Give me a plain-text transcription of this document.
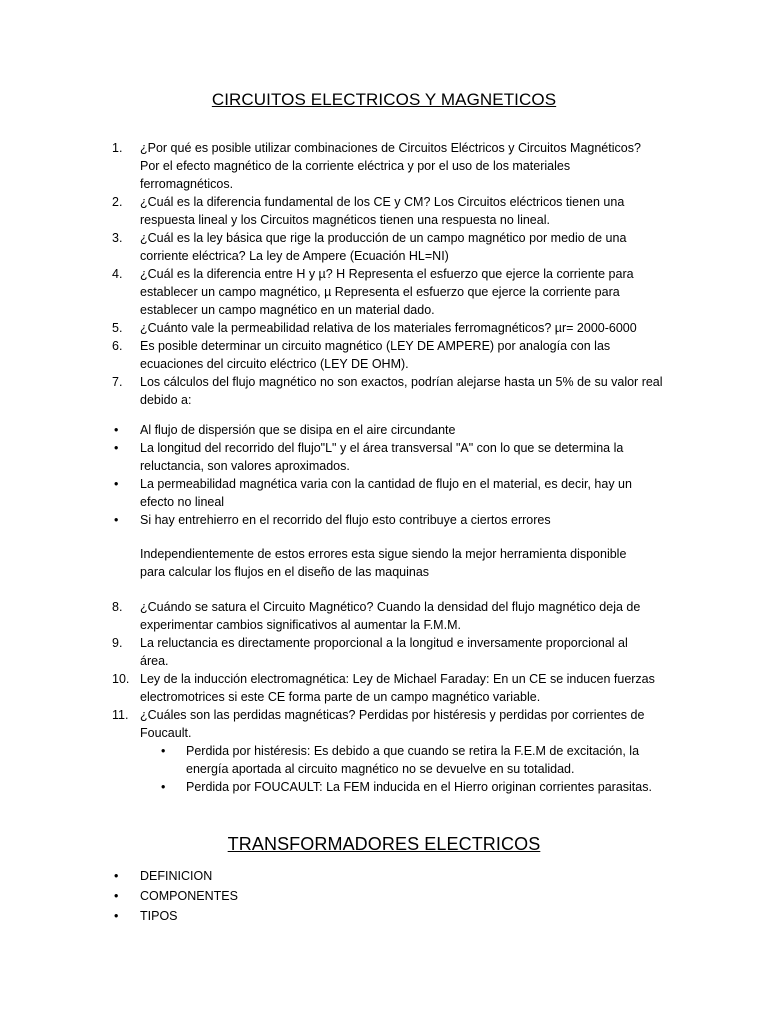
CIRCUITOS ELECTRICOS Y MAGNETICOS
1.	¿Por qué es posible utilizar combinaciones de Circuitos Eléctricos y Circuitos Magnéticos?
Por el efecto magnético de la corriente eléctrica y por el uso de los materiales
ferromagnéticos.
2.	¿Cuál es la diferencia fundamental de los CE y CM? Los Circuitos eléctricos tienen una
respuesta lineal y los Circuitos magnéticos tienen una respuesta no lineal.
3.	¿Cuál es la ley básica que rige la producción de un campo magnético por medio de una
corriente eléctrica? La ley de Ampere (Ecuación HL=NI)
4.	¿Cuál es la diferencia entre H y µ? H Representa el esfuerzo que ejerce la corriente para
establecer un campo magnético, µ Representa el esfuerzo que ejerce la corriente para
establecer un campo magnético en un material dado.
5.	¿Cuánto vale la permeabilidad relativa de los materiales ferromagnéticos? µr= 2000-6000
6.	Es posible determinar un circuito magnético (LEY DE AMPERE) por analogía con las
ecuaciones del circuito eléctrico (LEY DE OHM).
7.	Los cálculos del flujo magnético no son exactos, podrían alejarse hasta un 5% de su valor real
debido a:
•	Al flujo de dispersión que se disipa en el aire circundante
•	La longitud del recorrido del flujo"L" y el área transversal "A" con lo que se determina la
reluctancia, son valores aproximados.
•	La permeabilidad magnética varia con la cantidad de flujo en el material, es decir, hay un
efecto no lineal
•	Si hay entrehierro en el recorrido del flujo esto contribuye a ciertos errores
Independientemente de estos errores esta sigue siendo la mejor herramienta disponible
para calcular los flujos en el diseño de las maquinas
8.	¿Cuándo se satura el Circuito Magnético? Cuando la densidad del flujo magnético deja de
experimentar cambios significativos al aumentar la F.M.M.
9.	La reluctancia es directamente proporcional a la longitud e inversamente proporcional al
área.
10. Ley de la inducción electromagnética: Ley de Michael Faraday: En un CE se inducen fuerzas
electromotrices si este CE forma parte de un campo magnético variable.
11. ¿Cuáles son las perdidas magnéticas? Perdidas por histéresis y perdidas por corrientes de
Foucault.
•	Perdida por histéresis: Es debido a que cuando se retira la F.E.M de excitación, la
energía aportada al circuito magnético no se devuelve en su totalidad.
•	Perdida por FOUCAULT: La FEM inducida en el Hierro originan corrientes parasitas.
•	DEFINICION
•	COMPONENTES
•	TIPOS
TRANSFORMADORES ELECTRICOS
